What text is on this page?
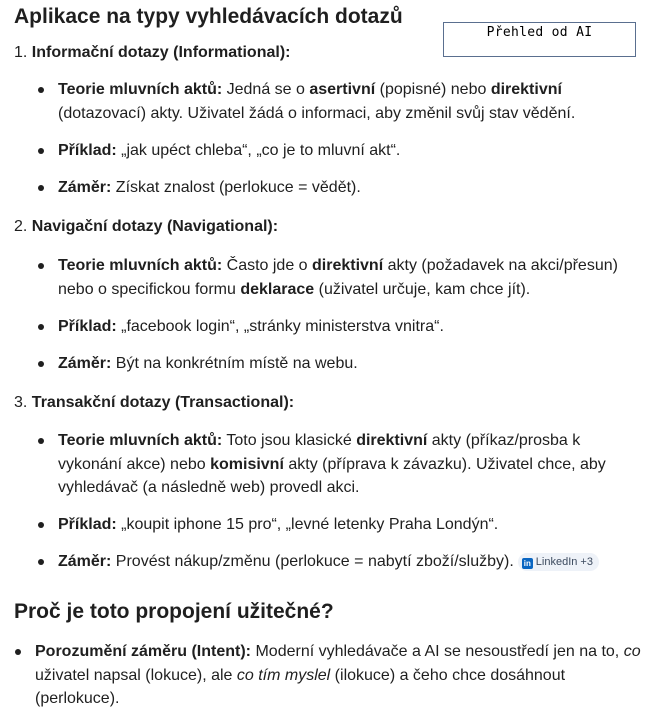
Aplikace na typy vyhledávacích dotazů
Přehled od AI
1. Informační dotazy (Informational):
Teorie mluvních aktů: Jedná se o asertivní (popisné) nebo direktivní (dotazovací) akty. Uživatel žádá o informaci, aby změnil svůj stav vědění.
Příklad: „jak upéct chleba“, „co je to mluvní akt“.
Záměr: Získat znalost (perlokuce = vědět).
2. Navigační dotazy (Navigational):
Teorie mluvních aktů: Často jde o direktivní akty (požadavek na akci/přesun) nebo o specifickou formu deklarace (uživatel určuje, kam chce jít).
Příklad: „facebook login“, „stránky ministerstva vnitra“.
Záměr: Být na konkrétním místě na webu.
3. Transakční dotazy (Transactional):
Teorie mluvních aktů: Toto jsou klasické direktivní akty (příkaz/prosba k vykonání akce) nebo komisivní akty (příprava k závazku). Uživatel chce, aby vyhledávač (a následně web) provedl akci.
Příklad: „koupit iphone 15 pro“, „levné letenky Praha Londýn“.
Záměr: Provést nákup/změnu (perlokuce = nabytí zboží/služby). in LinkedIn +3
Proč je toto propojení užitečné?
Porozumění záměru (Intent): Moderní vyhledávače a AI se nesoustředí jen na to, co uživatel napsal (lokuce), ale co tím myslel (ilokuce) a čeho chce dosáhnout (perlokuce).
